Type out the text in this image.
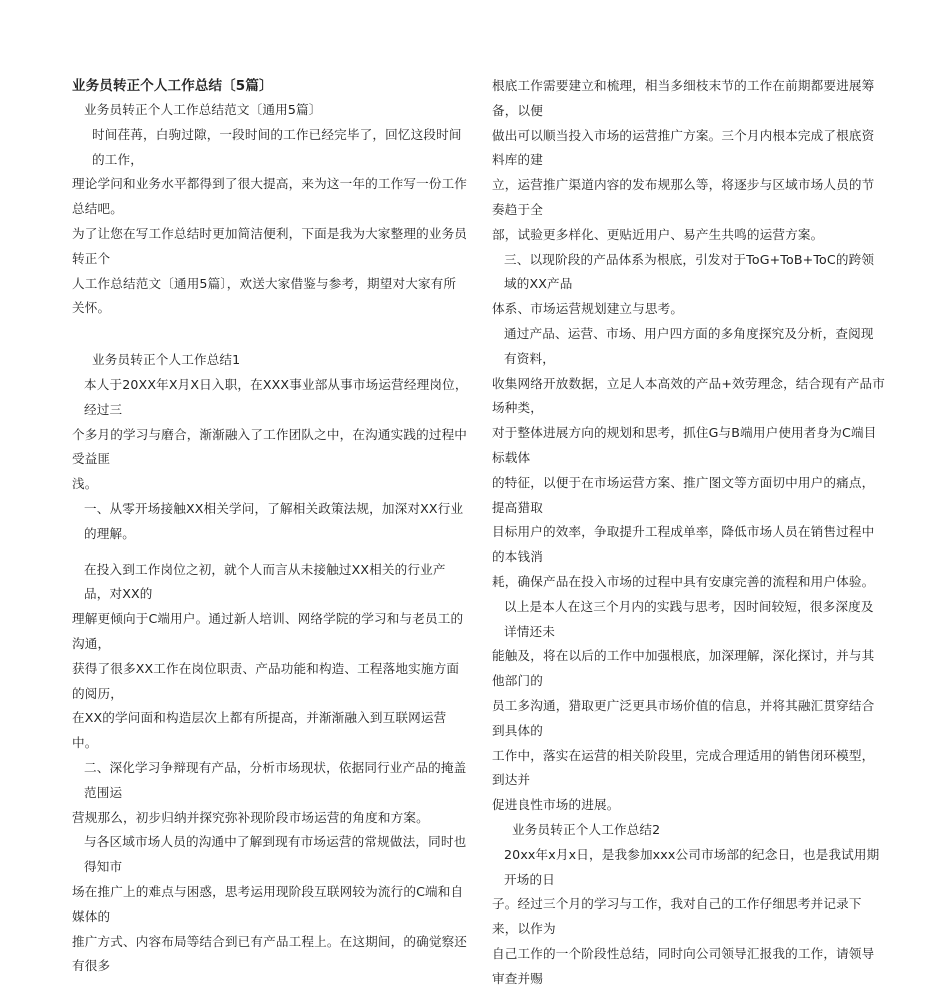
业务员转正个人工作总结〔5篇〕

业务员转正个人工作总结范文〔通用5篇〕

时间荏苒，白驹过隙，一段时间的工作已经完毕了，回忆这段时间的工作，

理论学问和业务水平都得到了很大提高，来为这一年的工作写一份工作总结吧。

为了让您在写工作总结时更加简洁便利，下面是我为大家整理的业务员转正个

人工作总结范文〔通用5篇〕，欢送大家借鉴与参考，期望对大家有所关怀。

业务员转正个人工作总结1

本人于20XX年X月X日入职，在XXX事业部从事市场运营经理岗位，经过三

个多月的学习与磨合，渐渐融入了工作团队之中，在沟通实践的过程中受益匪

浅。

一、从零开场接触XX相关学问，了解相关政策法规，加深对XX行业的理解。

在投入到工作岗位之初，就个人而言从未接触过XX相关的行业产品，对XX的

理解更倾向于C端用户。通过新人培训、网络学院的学习和与老员工的沟通，

获得了很多XX工作在岗位职责、产品功能和构造、工程落地实施方面的阅历，

在XX的学问面和构造层次上都有所提高，并渐渐融入到互联网运营中。

二、深化学习争辩现有产品，分析市场现状，依据同行业产品的掩盖范围运

营规那么，初步归纳并探究弥补现阶段市场运营的角度和方案。

与各区域市场人员的沟通中了解到现有市场运营的常规做法，同时也得知市

场在推广上的难点与困惑，思考运用现阶段互联网较为流行的C端和自媒体的

推广方式、内容布局等结合到已有产品工程上。在这期间，的确觉察还有很多

根底工作需要建立和梳理，相当多细枝末节的工作在前期都要进展筹备，以便

做出可以顺当投入市场的运营推广方案。三个月内根本完成了根底资料库的建

立，运营推广渠道内容的发布规那么等，将逐步与区域市场人员的节奏趋于全

部，试验更多样化、更贴近用户、易产生共鸣的运营方案。

三、以现阶段的产品体系为根底，引发对于ToG+ToB+ToC的跨领域的XX产品

体系、市场运营规划建立与思考。

通过产品、运营、市场、用户四方面的多角度探究及分析，查阅现有资料，

收集网络开放数据，立足人本高效的产品+效劳理念，结合现有产品市场种类，

对于整体进展方向的规划和思考，抓住G与B端用户使用者身为C端目标载体

的特征，以便于在市场运营方案、推广图文等方面切中用户的痛点，提高猎取

目标用户的效率，争取提升工程成单率，降低市场人员在销售过程中的本钱消

耗，确保产品在投入市场的过程中具有安康完善的流程和用户体验。

以上是本人在这三个月内的实践与思考，因时间较短，很多深度及详情还未

能触及，将在以后的工作中加强根底，加深理解，深化探讨，并与其他部门的

员工多沟通，猎取更广泛更具市场价值的信息，并将其融汇贯穿结合到具体的

工作中，落实在运营的相关阶段里，完成合理适用的销售闭环模型，到达并

促进良性市场的进展。

业务员转正个人工作总结2

20xx年x月x日，是我参加xxx公司市场部的纪念日，也是我试用期开场的日

子。经过三个月的学习与工作，我对自己的工作仔细思考并记录下来，以作为

自己工作的一个阶段性总结，同时向公司领导汇报我的工作，请领导审查并赐
